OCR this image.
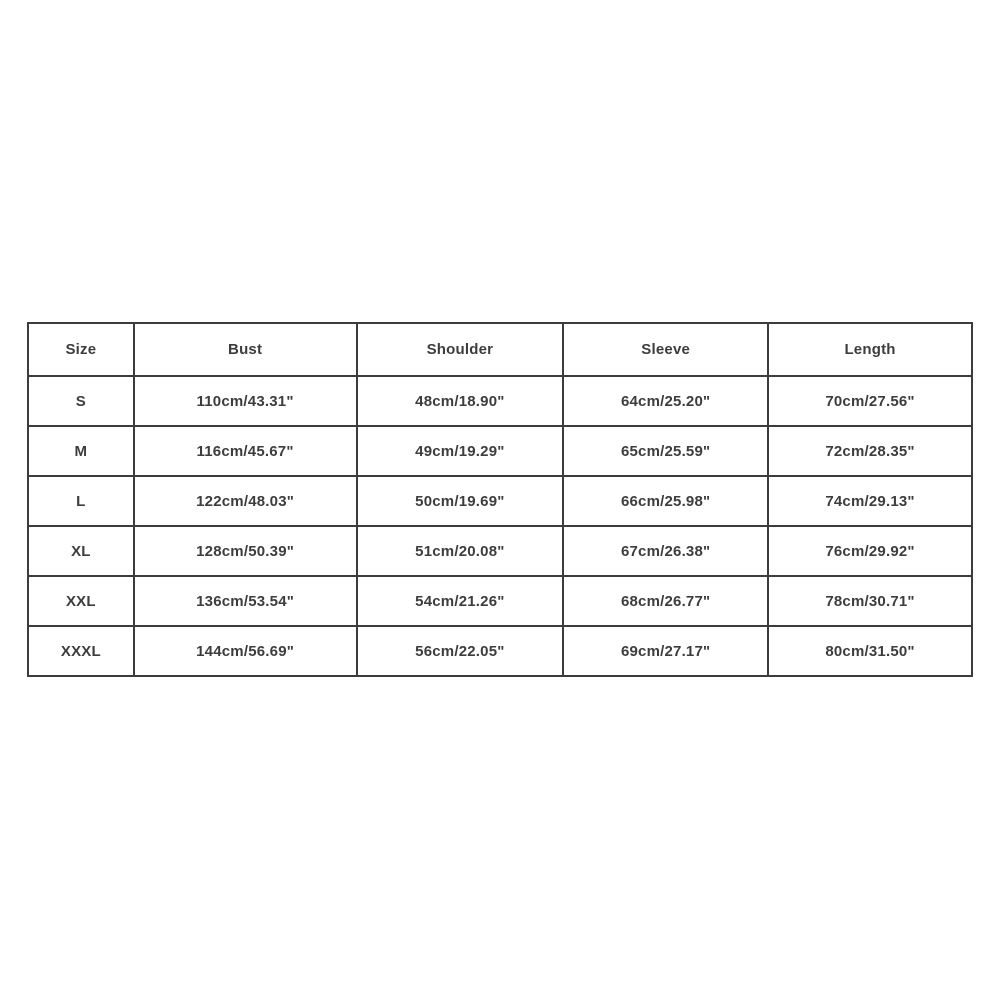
Size	Bust	Shoulder	Sleeve	Length
S	110cm/43.31"	48cm/18.90"	64cm/25.20"	70cm/27.56"
M	116cm/45.67"	49cm/19.29"	65cm/25.59"	72cm/28.35"
L	122cm/48.03"	50cm/19.69"	66cm/25.98"	74cm/29.13"
XL	128cm/50.39"	51cm/20.08"	67cm/26.38"	76cm/29.92"
XXL	136cm/53.54"	54cm/21.26"	68cm/26.77"	78cm/30.71"
XXXL	144cm/56.69"	56cm/22.05"	69cm/27.17"	80cm/31.50"
